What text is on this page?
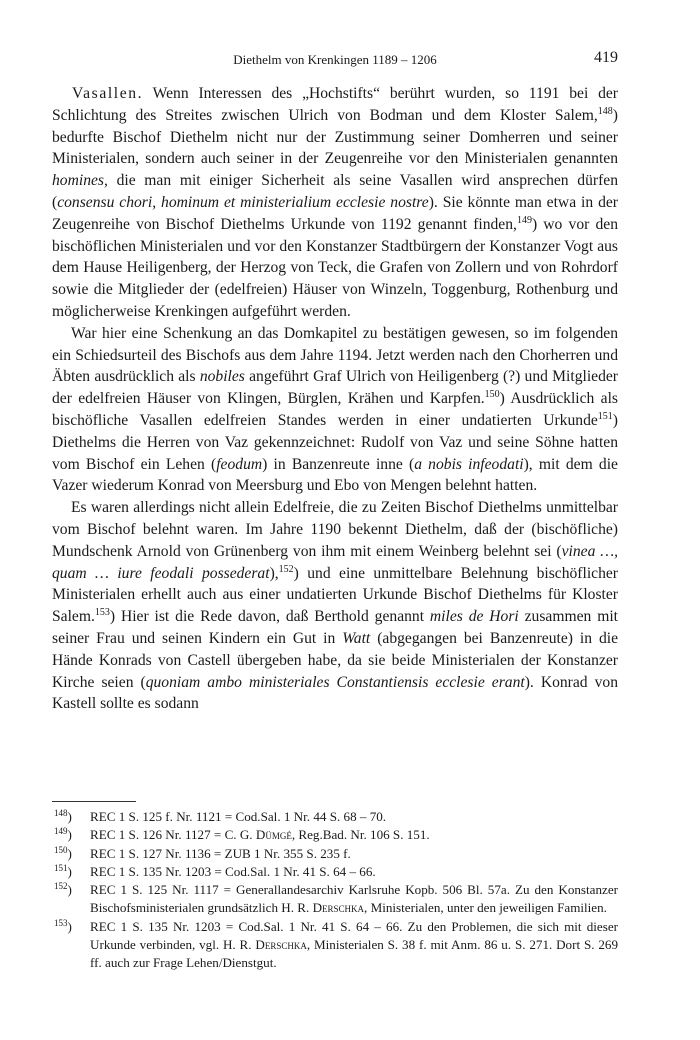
Diethelm von Krenkingen 1189 – 1206	419

Vasallen. Wenn Interessen des „Hochstifts“ berührt wurden, so 1191 bei der Schlichtung des Streites zwischen Ulrich von Bodman und dem Kloster Salem,$^{148}$) bedurfte Bischof Diethelm nicht nur der Zustimmung seiner Domherren und seiner Ministerialen, sondern auch seiner in der Zeugenreihe vor den Ministerialen genannten homines, die man mit einiger Sicherheit als seine Vasallen wird ansprechen dürfen (consensu chori, hominum et ministerialium ecclesie nostre). Sie könnte man etwa in der Zeugenreihe von Bischof Diethelms Urkunde von 1192 genannt finden,$^{149}$) wo vor den bischöflichen Ministerialen und vor den Konstanzer Stadtbürgern der Konstanzer Vogt aus dem Hause Heiligenberg, der Herzog von Teck, die Grafen von Zollern und von Rohrdorf sowie die Mitglieder der (edelfreien) Häuser von Winzeln, Toggenburg, Rothenburg und möglicherweise Krenkingen aufgeführt werden.

War hier eine Schenkung an das Domkapitel zu bestätigen gewesen, so im folgenden ein Schiedsurteil des Bischofs aus dem Jahre 1194. Jetzt werden nach den Chorherren und Äbten ausdrücklich als nobiles angeführt Graf Ulrich von Heiligenberg (?) und Mitglieder der edelfreien Häuser von Klingen, Bürglen, Krähen und Karpfen.$^{150}$) Ausdrücklich als bischöfliche Vasallen edelfreien Standes werden in einer undatierten Urkunde$^{151}$) Diethelms die Herren von Vaz gekennzeichnet: Rudolf von Vaz und seine Söhne hatten vom Bischof ein Lehen (feodum) in Banzenreute inne (a nobis infeodati), mit dem die Vazer wiederum Konrad von Meersburg und Ebo von Mengen belehnt hatten.

Es waren allerdings nicht allein Edelfreie, die zu Zeiten Bischof Diethelms unmittelbar vom Bischof belehnt waren. Im Jahre 1190 bekennt Diethelm, daß der (bischöfliche) Mundschenk Arnold von Grünenberg von ihm mit einem Weinberg belehnt sei (vinea …, quam … iure feodali possederat),$^{152}$) und eine unmittelbare Belehnung bischöflicher Ministerialen erhellt auch aus einer undatierten Urkunde Bischof Diethelms für Kloster Salem.$^{153}$) Hier ist die Rede davon, daß Berthold genannt miles de Hori zusammen mit seiner Frau und seinen Kindern ein Gut in Watt (abgegangen bei Banzenreute) in die Hände Konrads von Castell übergeben habe, da sie beide Ministerialen der Konstanzer Kirche seien (quoniam ambo ministeriales Constantiensis ecclesie erant). Konrad von Kastell sollte es sodann

$^{148}$)	REC 1 S. 125 f. Nr. 1121 = Cod.Sal. 1 Nr. 44 S. 68 – 70.
$^{149}$)	REC 1 S. 126 Nr. 1127 = C. G. Dümgé, Reg.Bad. Nr. 106 S. 151.
$^{150}$)	REC 1 S. 127 Nr. 1136 = ZUB 1 Nr. 355 S. 235 f.
$^{151}$)	REC 1 S. 135 Nr. 1203 = Cod.Sal. 1 Nr. 41 S. 64 – 66.
$^{152}$)	REC 1 S. 125 Nr. 1117 = Generallandesarchiv Karlsruhe Kopb. 506 Bl. 57a. Zu den Konstanzer Bischofsministerialen grundsätzlich H. R. Derschka, Ministerialen, unter den jeweiligen Familien.
$^{153}$)	REC 1 S. 135 Nr. 1203 = Cod.Sal. 1 Nr. 41 S. 64 – 66. Zu den Problemen, die sich mit dieser Urkunde verbinden, vgl. H. R. Derschka, Ministerialen S. 38 f. mit Anm. 86 u. S. 271. Dort S. 269 ff. auch zur Frage Lehen/Dienstgut.
